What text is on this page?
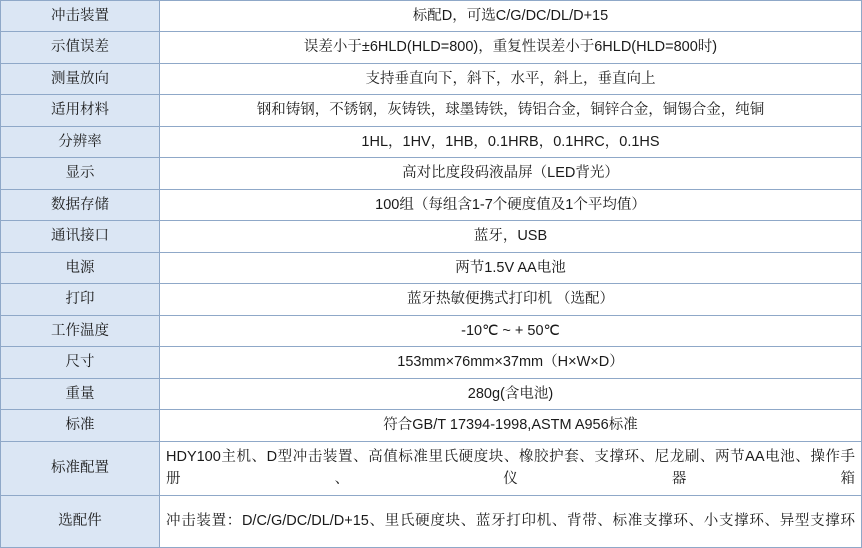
冲击装置	标配D，可选C/G/DC/DL/D+15
示值误差	误差小于±6HLD(HLD=800)，重复性误差小于6HLD(HLD=800时)
测量放向	支持垂直向下，斜下，水平，斜上，垂直向上
适用材料	钢和铸钢，不锈钢，灰铸铁，球墨铸铁，铸铝合金，铜锌合金，铜锡合金，纯铜
分辨率	1HL，1HV，1HB，0.1HRB，0.1HRC，0.1HS
显示	高对比度段码液晶屏（LED背光）
数据存储	100组（每组含1-7个硬度值及1个平均值）
通讯接口	蓝牙，USB
电源	两节1.5V AA电池
打印	蓝牙热敏便携式打印机 （选配）
工作温度	-10℃ ~ + 50℃
尺寸	153mm×76mm×37mm（H×W×D）
重量	280g(含电池)
标准	符合GB/T 17394-1998,ASTM A956标准
标准配置	HDY100主机、D型冲击装置、高值标准里氏硬度块、橡胶护套、支撑环、尼龙刷、两节AA电池、操作手册、仪器箱
选配件	冲击装置：D/C/G/DC/DL/D+15、里氏硬度块、蓝牙打印机、背带、标准支撑环、小支撑环、异型支撑环
